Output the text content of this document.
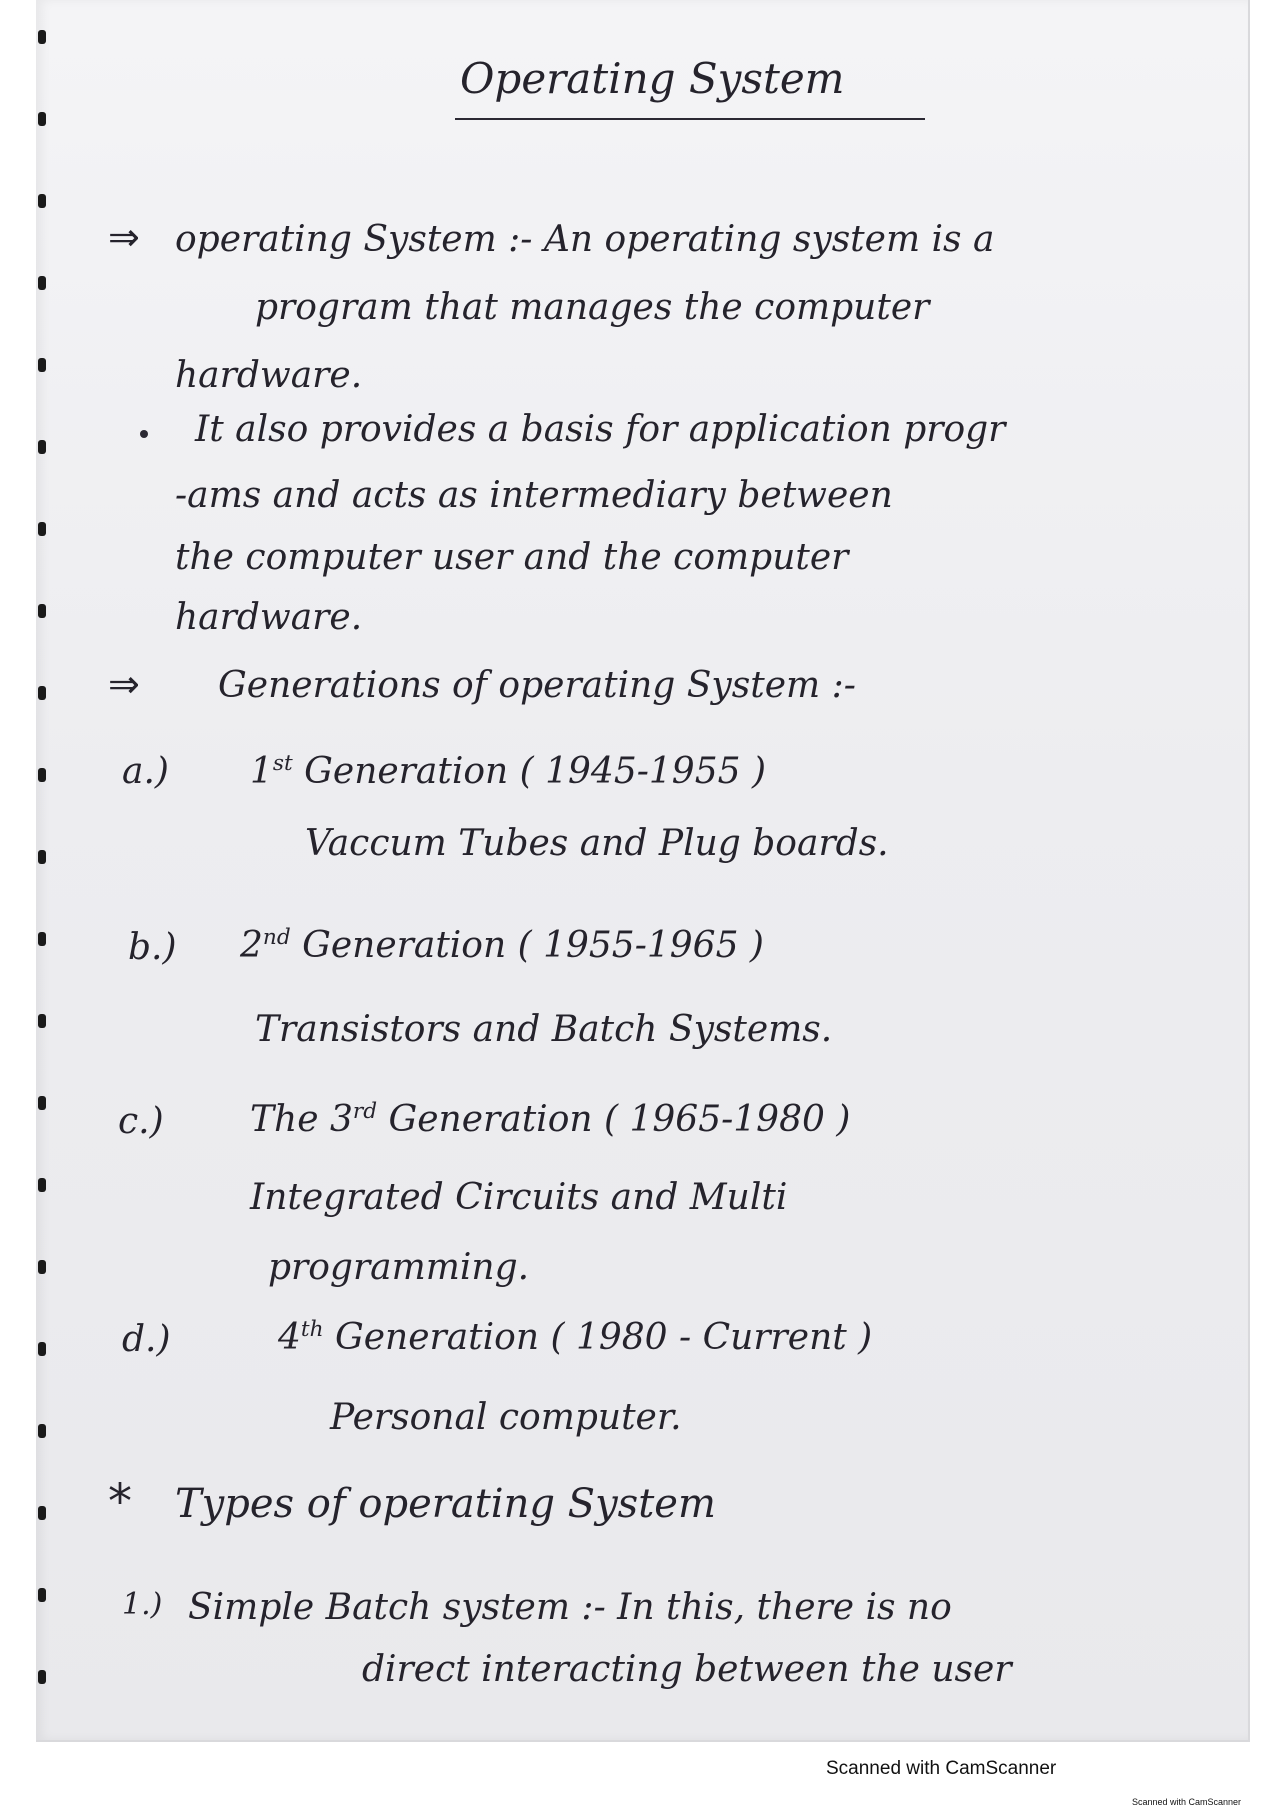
Operating System
⇒ operating System :- An operating system is a
program that manages the computer
hardware.
It also provides a basis for application progr
-ams and acts as intermediary between
the computer user and the computer
hardware.
⇒ Generations of operating System :-
a.) 1st Generation ( 1945-1955 )
Vaccum Tubes and Plug boards.
b.) 2nd Generation ( 1955-1965 )
Transistors and Batch Systems.
c.) The 3rd Generation ( 1965-1980 )
Integrated Circuits and Multi
programming.
d.)	4th Generation ( 1980 - Current )
Personal computer.
* Types of operating System
1.) Simple Batch system :- In this, there is no
direct interacting between the user
Scanned with CamScanner
Scanned with CamScanner
